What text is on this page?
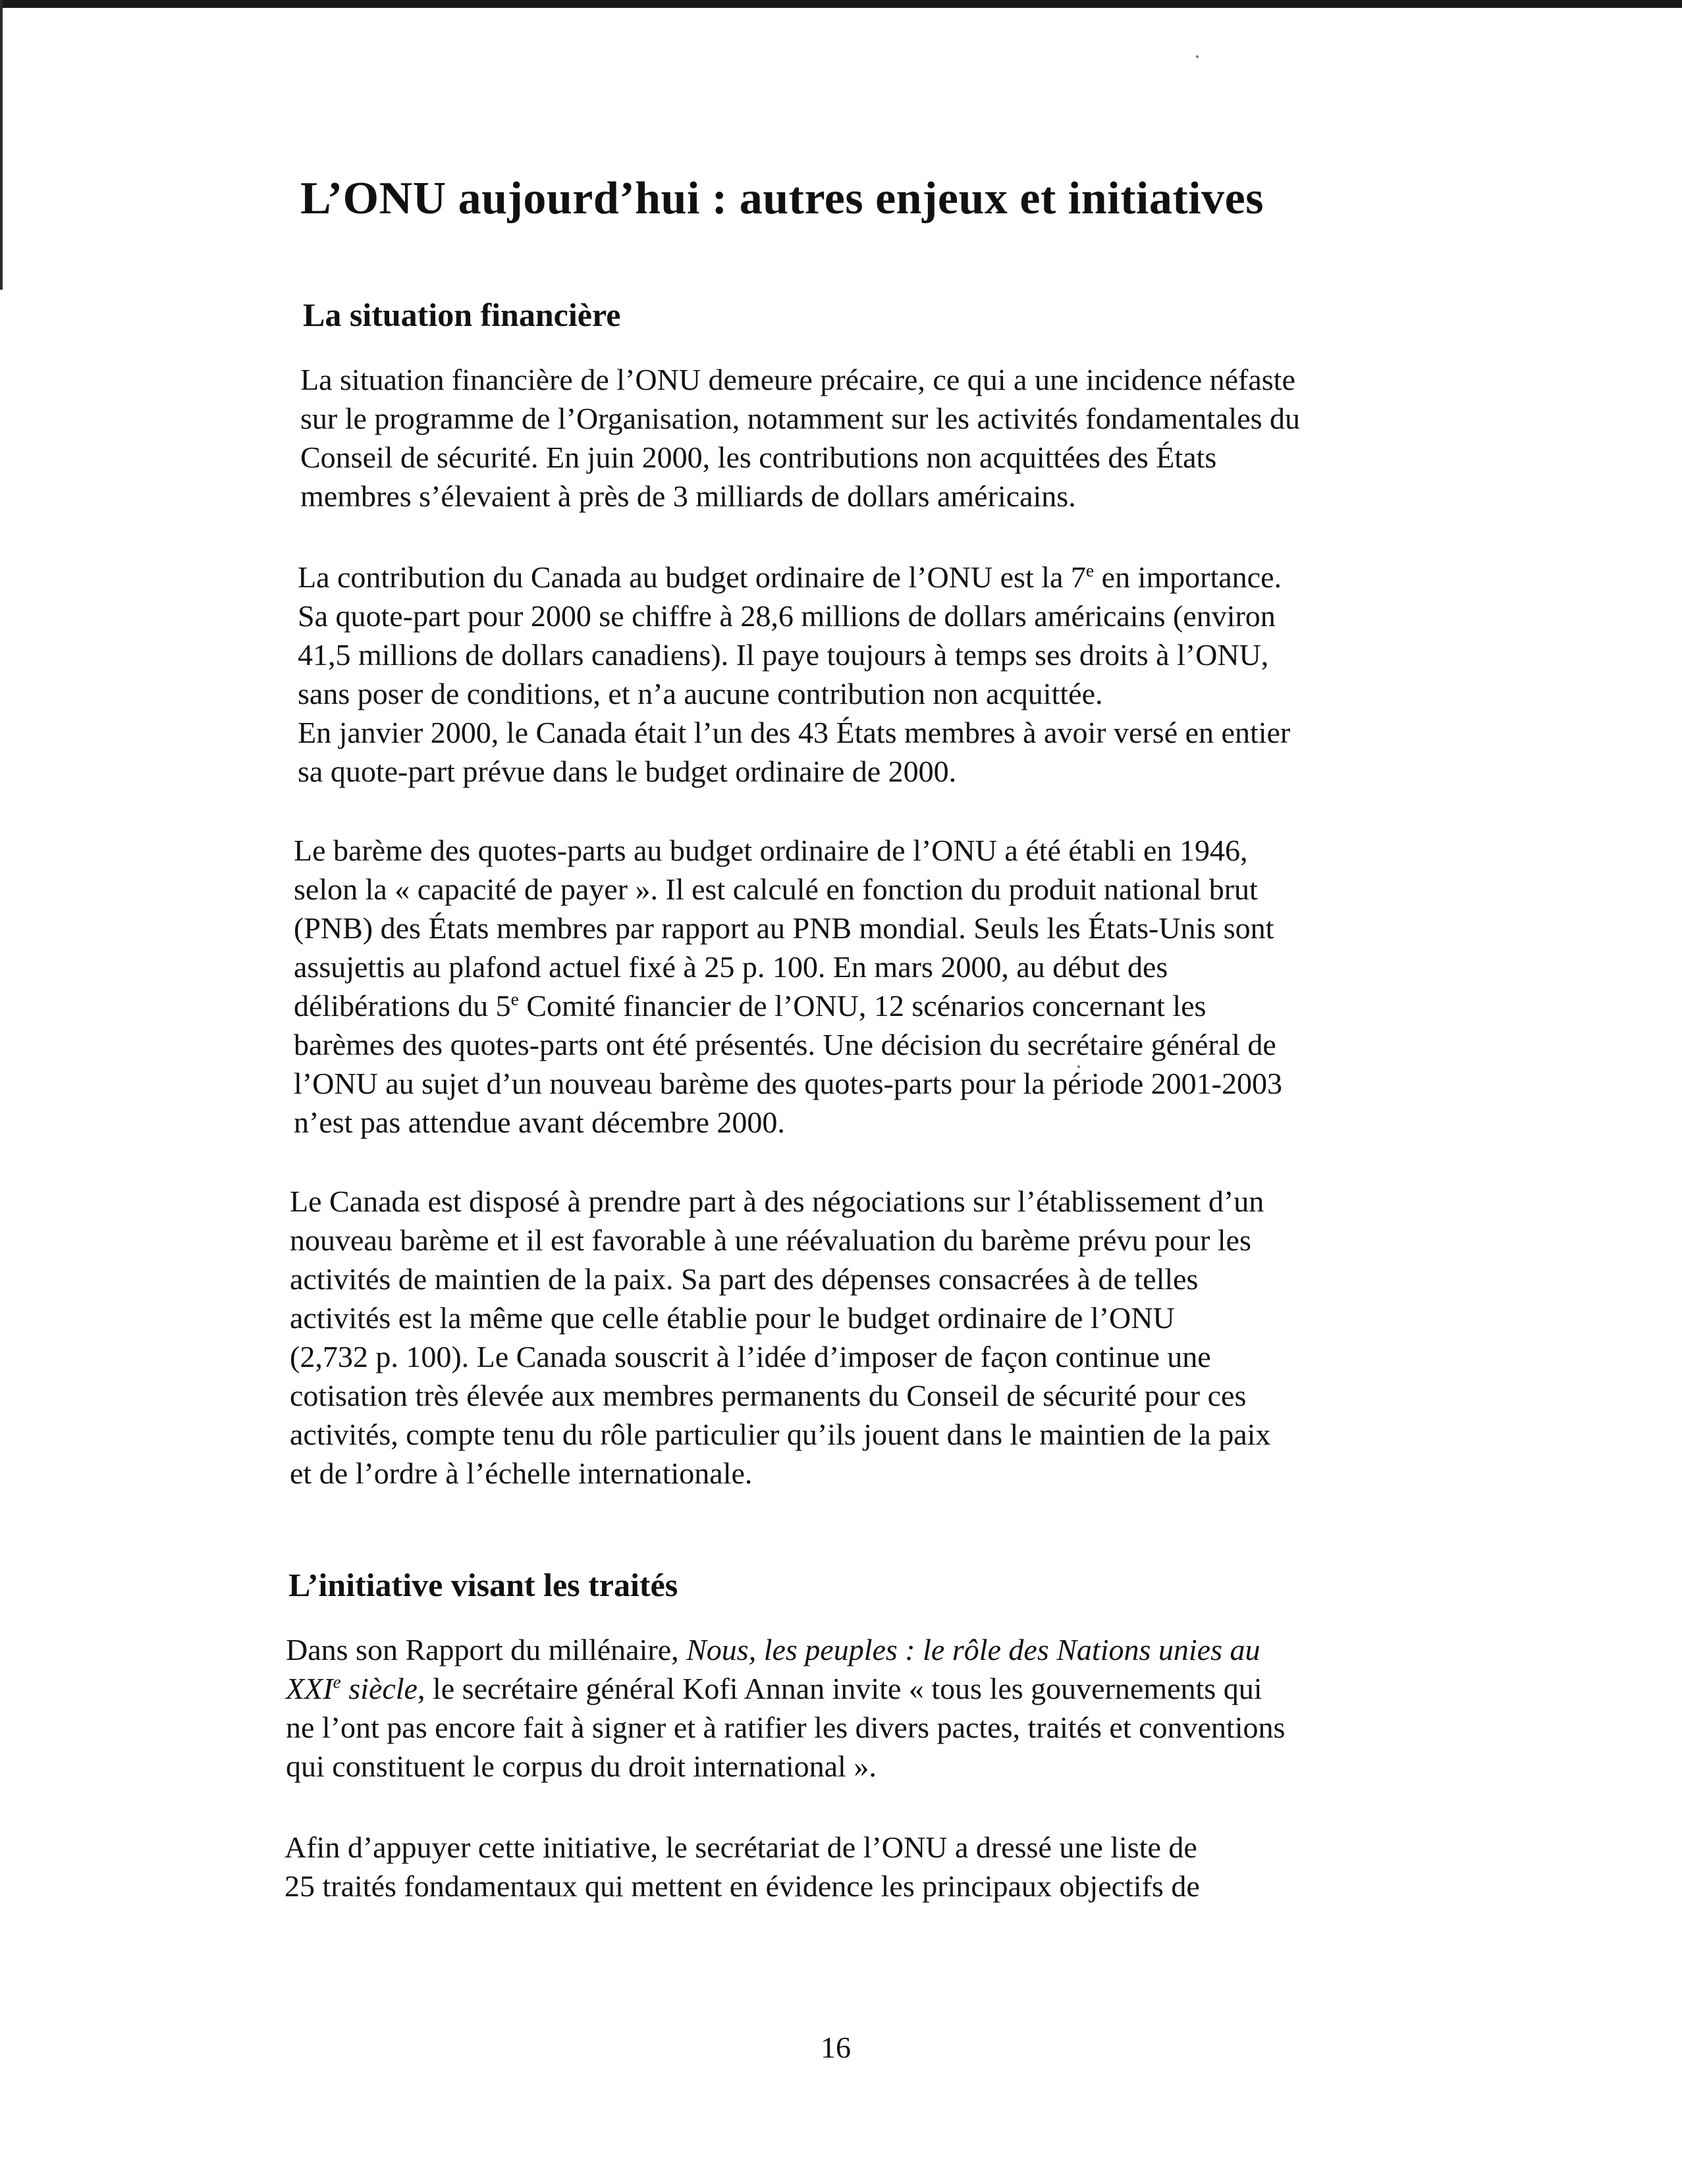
L’ONU aujourd’hui : autres enjeux et initiatives
La situation financière
La situation financière de l’ONU demeure précaire, ce qui a une incidence néfaste
sur le programme de l’Organisation, notamment sur les activités fondamentales du
Conseil de sécurité. En juin 2000, les contributions non acquittées des États
membres s’élevaient à près de 3 milliards de dollars américains.
La contribution du Canada au budget ordinaire de l’ONU est la 7e en importance.
Sa quote-part pour 2000 se chiffre à 28,6 millions de dollars américains (environ
41,5 millions de dollars canadiens). Il paye toujours à temps ses droits à l’ONU,
sans poser de conditions, et n’a aucune contribution non acquittée.
En janvier 2000, le Canada était l’un des 43 États membres à avoir versé en entier
sa quote-part prévue dans le budget ordinaire de 2000.
Le barème des quotes-parts au budget ordinaire de l’ONU a été établi en 1946,
selon la « capacité de payer ». Il est calculé en fonction du produit national brut
(PNB) des États membres par rapport au PNB mondial. Seuls les États-Unis sont
assujettis au plafond actuel fixé à 25 p. 100. En mars 2000, au début des
délibérations du 5e Comité financier de l’ONU, 12 scénarios concernant les
barèmes des quotes-parts ont été présentés. Une décision du secrétaire général de
l’ONU au sujet d’un nouveau barème des quotes-parts pour la période 2001-2003
n’est pas attendue avant décembre 2000.
Le Canada est disposé à prendre part à des négociations sur l’établissement d’un
nouveau barème et il est favorable à une réévaluation du barème prévu pour les
activités de maintien de la paix. Sa part des dépenses consacrées à de telles
activités est la même que celle établie pour le budget ordinaire de l’ONU
(2,732 p. 100). Le Canada souscrit à l’idée d’imposer de façon continue une
cotisation très élevée aux membres permanents du Conseil de sécurité pour ces
activités, compte tenu du rôle particulier qu’ils jouent dans le maintien de la paix
et de l’ordre à l’échelle internationale.
L’initiative visant les traités
Dans son Rapport du millénaire, Nous, les peuples : le rôle des Nations unies au
XXIe siècle, le secrétaire général Kofi Annan invite « tous les gouvernements qui
ne l’ont pas encore fait à signer et à ratifier les divers pactes, traités et conventions
qui constituent le corpus du droit international ».
Afin d’appuyer cette initiative, le secrétariat de l’ONU a dressé une liste de
25 traités fondamentaux qui mettent en évidence les principaux objectifs de
16
